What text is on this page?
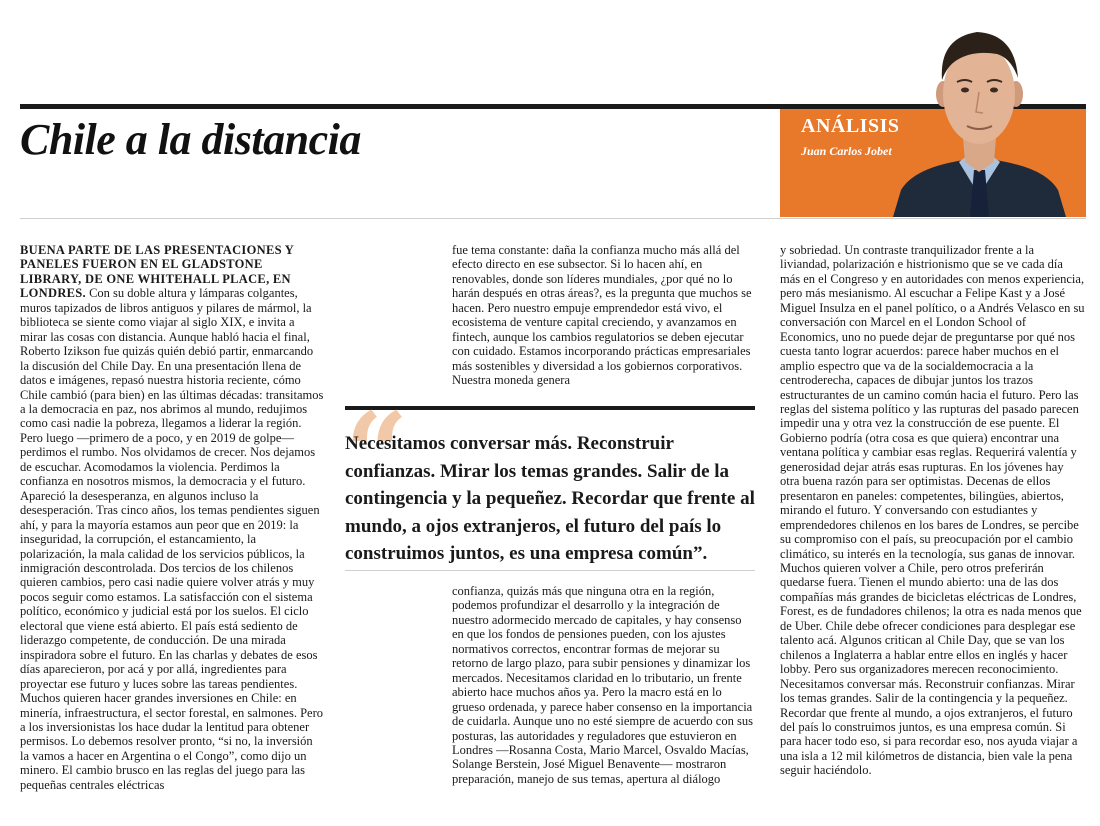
Chile a la distancia	ANÁLISIS
Juan Carlos Jobet

BUENA PARTE DE LAS PRESENTACIONES Y PANELES FUERON EN EL GLADSTONE LIBRARY, DE ONE WHITEHALL PLACE, EN LONDRES. Con su doble altura y lámparas colgantes, muros tapizados de libros antiguos y pilares de mármol, la biblioteca se siente como viajar al siglo XIX, e invita a mirar las cosas con distancia. Aunque habló hacia el final, Roberto Izikson fue quizás quién debió partir, enmarcando la discusión del Chile Day. En una presentación llena de datos e imágenes, repasó nuestra historia reciente, cómo Chile cambió (para bien) en las últimas décadas: transitamos a la democracia en paz, nos abrimos al mundo, redujimos como casi nadie la pobreza, llegamos a liderar la región. Pero luego —primero de a poco, y en 2019 de golpe— perdimos el rumbo. Nos olvidamos de crecer. Nos dejamos de escuchar. Acomodamos la violencia. Perdimos la confianza en nosotros mismos, la democracia y el futuro. Apareció la desesperanza, en algunos incluso la desesperación. Tras cinco años, los temas pendientes siguen ahí, y para la mayoría estamos aun peor que en 2019: la inseguridad, la corrupción, el estancamiento, la polarización, la mala calidad de los servicios públicos, la inmigración descontrolada. Dos tercios de los chilenos quieren cambios, pero casi nadie quiere volver atrás y muy pocos seguir como estamos. La satisfacción con el sistema político, económico y judicial está por los suelos. El ciclo electoral que viene está abierto. El país está sediento de liderazgo competente, de conducción. De una mirada inspiradora sobre el futuro. En las charlas y debates de esos días aparecieron, por acá y por allá, ingredientes para proyectar ese futuro y luces sobre las tareas pendientes. Muchos quieren hacer grandes inversiones en Chile: en minería, infraestructura, el sector forestal, en salmones. Pero a los inversionistas los hace dudar la lentitud para obtener permisos. Lo debemos resolver pronto, “si no, la inversión la vamos a hacer en Argentina o el Congo”, como dijo un minero. El cambio brusco en las reglas del juego para las pequeñas centrales eléctricas

fue tema constante: daña la confianza mucho más allá del efecto directo en ese subsector. Si lo hacen ahí, en renovables, donde son líderes mundiales, ¿por qué no lo harán después en otras áreas?, es la pregunta que muchos se hacen. Pero nuestro empuje emprendedor está vivo, el ecosistema de venture capital creciendo, y avanzamos en fintech, aunque los cambios regulatorios se deben ejecutar con cuidado. Estamos incorporando prácticas empresariales más sostenibles y diversidad a los gobiernos corporativos. Nuestra moneda genera

“

Necesitamos conversar más. Reconstruir confianzas. Mirar los temas grandes. Salir de la contingencia y la pequeñez. Recordar que frente al mundo, a ojos extranjeros, el futuro del país lo construimos juntos, es una empresa común”.

confianza, quizás más que ninguna otra en la región, podemos profundizar el desarrollo y la integración de nuestro adormecido mercado de capitales, y hay consenso en que los fondos de pensiones pueden, con los ajustes normativos correctos, encontrar formas de mejorar su retorno de largo plazo, para subir pensiones y dinamizar los mercados. Necesitamos claridad en lo tributario, un frente abierto hace muchos años ya. Pero la macro está en lo grueso ordenada, y parece haber consenso en la importancia de cuidarla. Aunque uno no esté siempre de acuerdo con sus posturas, las autoridades y reguladores que estuvieron en Londres —Rosanna Costa, Mario Marcel, Osvaldo Macías, Solange Berstein, José Miguel Benavente— mostraron preparación, manejo de sus temas, apertura al diálogo

y sobriedad. Un contraste tranquilizador frente a la liviandad, polarización e histrionismo que se ve cada día más en el Congreso y en autoridades con menos experiencia, pero más mesianismo. Al escuchar a Felipe Kast y a José Miguel Insulza en el panel político, o a Andrés Velasco en su conversación con Marcel en el London School of Economics, uno no puede dejar de preguntarse por qué nos cuesta tanto lograr acuerdos: parece haber muchos en el amplio espectro que va de la socialdemocracia a la centroderecha, capaces de dibujar juntos los trazos estructurantes de un camino común hacia el futuro. Pero las reglas del sistema político y las rupturas del pasado parecen impedir una y otra vez la construcción de ese puente. El Gobierno podría (otra cosa es que quiera) encontrar una ventana política y cambiar esas reglas. Requerirá valentía y generosidad dejar atrás esas rupturas. En los jóvenes hay otra buena razón para ser optimistas. Decenas de ellos presentaron en paneles: competentes, bilingües, abiertos, mirando el futuro. Y conversando con estudiantes y emprendedores chilenos en los bares de Londres, se percibe su compromiso con el país, su preocupación por el cambio climático, su interés en la tecnología, sus ganas de innovar. Muchos quieren volver a Chile, pero otros preferirán quedarse fuera. Tienen el mundo abierto: una de las dos compañías más grandes de bicicletas eléctricas de Londres, Forest, es de fundadores chilenos; la otra es nada menos que de Uber. Chile debe ofrecer condiciones para desplegar ese talento acá. Algunos critican al Chile Day, que se van los chilenos a Inglaterra a hablar entre ellos en inglés y hacer lobby. Pero sus organizadores merecen reconocimiento. Necesitamos conversar más. Reconstruir confianzas. Mirar los temas grandes. Salir de la contingencia y la pequeñez. Recordar que frente al mundo, a ojos extranjeros, el futuro del país lo construimos juntos, es una empresa común. Si para hacer todo eso, si para recordar eso, nos ayuda viajar a una isla a 12 mil kilómetros de distancia, bien vale la pena seguir haciéndolo.
